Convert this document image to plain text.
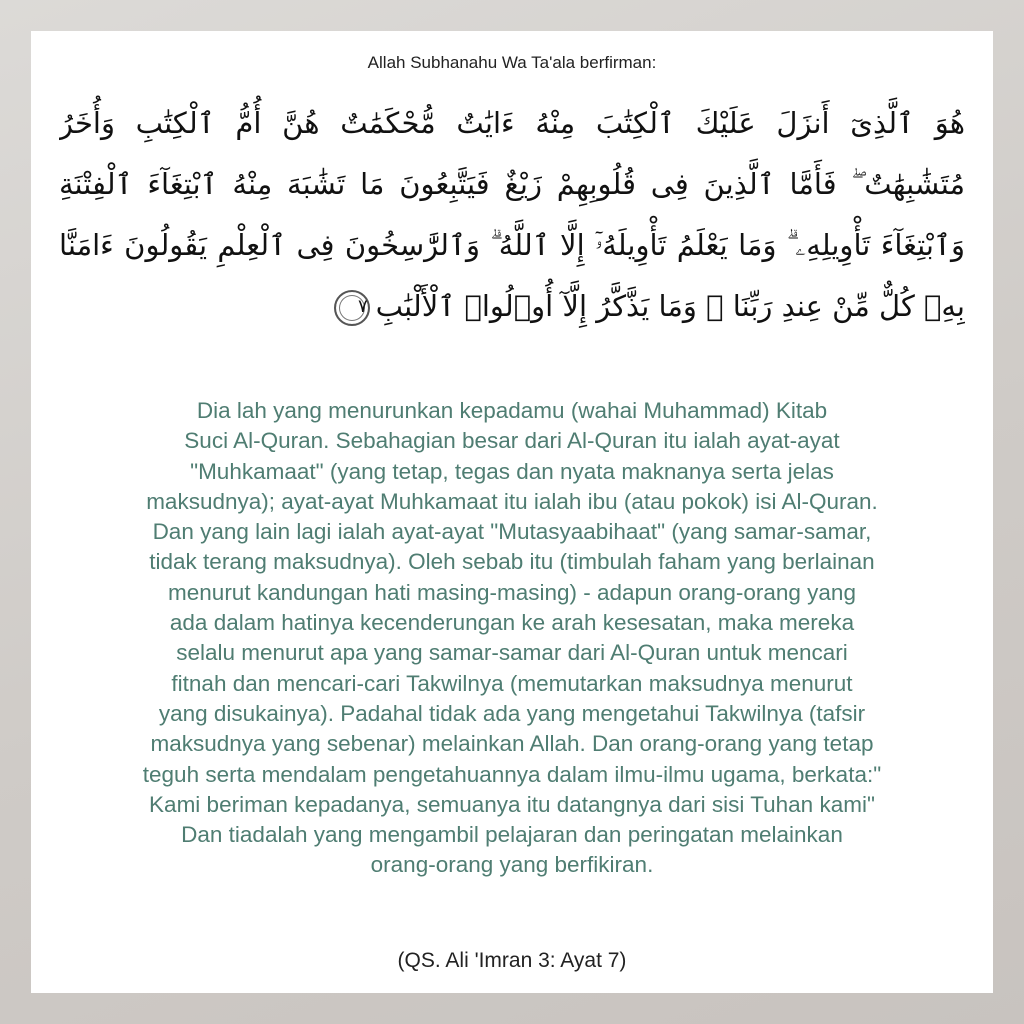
Allah Subhanahu Wa Ta'ala berfirman:
هُوَ ٱلَّذِىٓ أَنزَلَ عَلَيْكَ ٱلْكِتَٰبَ مِنْهُ ءَايَٰتٌ مُّحْكَمَٰتٌ هُنَّ أُمُّ ٱلْكِتَٰبِ وَأُخَرُ
مُتَشَٰبِهَٰتٌ ۖ فَأَمَّا ٱلَّذِينَ فِى قُلُوبِهِمْ زَيْغٌ فَيَتَّبِعُونَ مَا تَشَٰبَهَ مِنْهُ ٱبْتِغَآءَ ٱلْفِتْنَةِ
وَٱبْتِغَآءَ تَأْوِيلِهِۦ ۗ وَمَا يَعْلَمُ تَأْوِيلَهُۥٓ إِلَّا ٱللَّهُ ۗ وَٱلرَّٰسِخُونَ فِى ٱلْعِلْمِ يَقُولُونَ ءَامَنَّا
بِهِۦ كُلٌّ مِّنْ عِندِ رَبِّنَا ۗ وَمَا يَذَّكَّرُ إِلَّآ أُو۟لُوا۟ ٱلْأَلْبَٰبِ٧
Dia lah yang menurunkan kepadamu (wahai Muhammad) Kitab
Suci Al-Quran. Sebahagian besar dari Al-Quran itu ialah ayat-ayat
"Muhkamaat" (yang tetap, tegas dan nyata maknanya serta jelas
maksudnya); ayat-ayat Muhkamaat itu ialah ibu (atau pokok) isi Al-Quran.
Dan yang lain lagi ialah ayat-ayat "Mutasyaabihaat" (yang samar-samar,
tidak terang maksudnya). Oleh sebab itu (timbulah faham yang berlainan
menurut kandungan hati masing-masing) - adapun orang-orang yang
ada dalam hatinya kecenderungan ke arah kesesatan, maka mereka
selalu menurut apa yang samar-samar dari Al-Quran untuk mencari
fitnah dan mencari-cari Takwilnya (memutarkan maksudnya menurut
yang disukainya). Padahal tidak ada yang mengetahui Takwilnya (tafsir
maksudnya yang sebenar) melainkan Allah. Dan orang-orang yang tetap
teguh serta mendalam pengetahuannya dalam ilmu-ilmu ugama, berkata:"
Kami beriman kepadanya, semuanya itu datangnya dari sisi Tuhan kami"
Dan tiadalah yang mengambil pelajaran dan peringatan melainkan
orang-orang yang berfikiran.
(QS. Ali 'Imran 3: Ayat 7)
